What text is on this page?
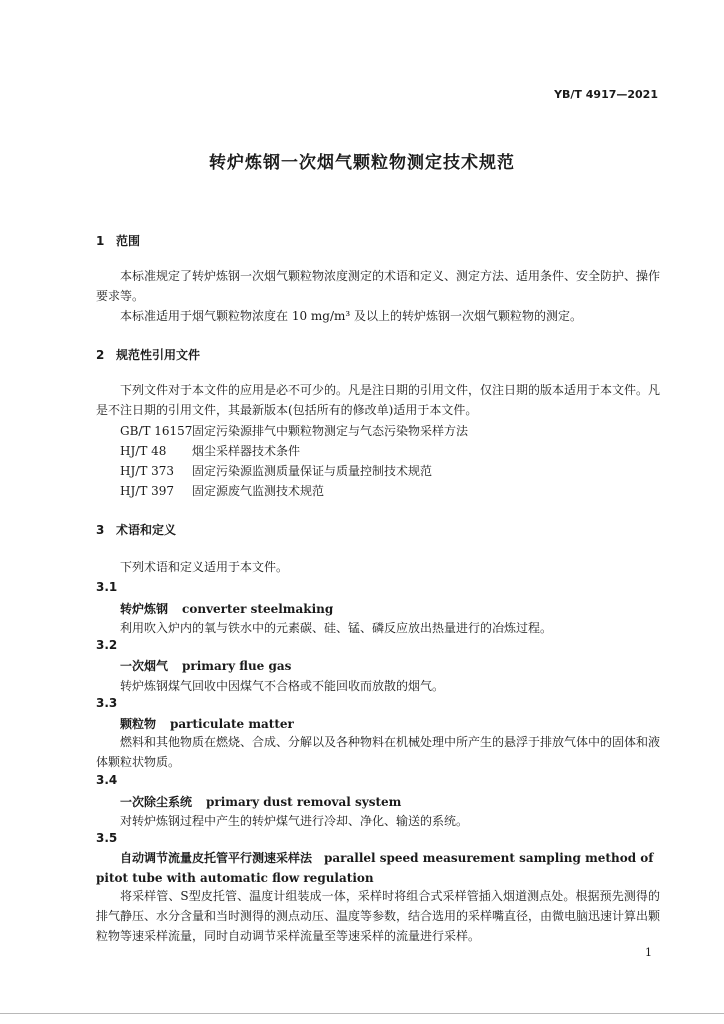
YB/T 4917—2021
转炉炼钢一次烟气颗粒物测定技术规范
1 范围
本标准规定了转炉炼钢一次烟气颗粒物浓度测定的术语和定义、测定方法、适用条件、安全防护、操作要求等。
本标准适用于烟气颗粒物浓度在 10 mg/m³ 及以上的转炉炼钢一次烟气颗粒物的测定。
2 规范性引用文件
下列文件对于本文件的应用是必不可少的。凡是注日期的引用文件，仅注日期的版本适用于本文件。凡是不注日期的引用文件，其最新版本(包括所有的修改单)适用于本文件。
GB/T 16157固定污染源排气中颗粒物测定与气态污染物采样方法
HJ/T 48 烟尘采样器技术条件
HJ/T 373 固定污染源监测质量保证与质量控制技术规范
HJ/T 397 固定源废气监测技术规范
3 术语和定义
下列术语和定义适用于本文件。
3.1
转炉炼钢 converter steelmaking
利用吹入炉内的氧与铁水中的元素碳、硅、锰、磷反应放出热量进行的冶炼过程。
3.2
一次烟气 primary flue gas
转炉炼钢煤气回收中因煤气不合格或不能回收而放散的烟气。
3.3
颗粒物 particulate matter
燃料和其他物质在燃烧、合成、分解以及各种物料在机械处理中所产生的悬浮于排放气体中的固体和液体颗粒状物质。
3.4
一次除尘系统 primary dust removal system
对转炉炼钢过程中产生的转炉煤气进行冷却、净化、输送的系统。
3.5
自动调节流量皮托管平行测速采样法 parallel speed measurement sampling method of pitot tube with automatic flow regulation
将采样管、S型皮托管、温度计组装成一体，采样时将组合式采样管插入烟道测点处。根据预先测得的排气静压、水分含量和当时测得的测点动压、温度等参数，结合选用的采样嘴直径，由微电脑迅速计算出颗粒物等速采样流量，同时自动调节采样流量至等速采样的流量进行采样。
1
